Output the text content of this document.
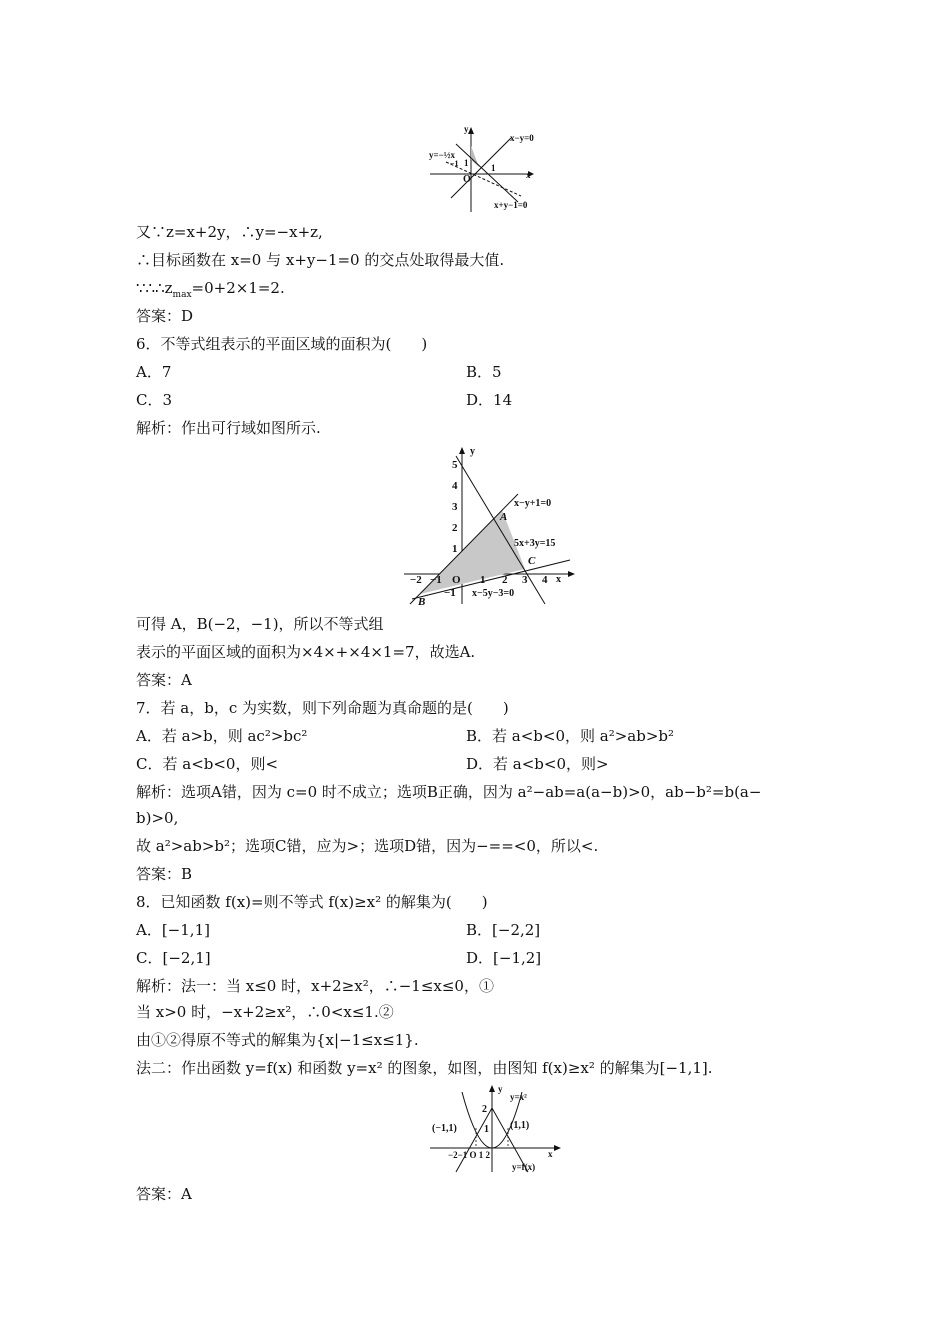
y
x
O
x−y=0
y=−½x
x+y−1=0
1	1
−1
又∵z=x+2y，∴y=−x+z,
∴目标函数在 x=0 与 x+y−1=0 的交点处取得最大值.
$\because\therefore\therefore z_{max}=0+2\times 1=2$.
答案：D
6．不等式组表示的平面区域的面积为(　　)
A．7	B．5
C．3	D．14
解析：作出可行域如图所示.
y
x
5
4
3
2
1
−2 −1 O 1 2 3 4
−1
A
B
C
x−y+1=0
5x+3y=15
x−5y−3=0
可得 A，B(−2，−1)，所以不等式组
表示的平面区域的面积为×4×+×4×1=7，故选A.
答案：A
7．若 a，b，c 为实数，则下列命题为真命题的是(　　)
A．若 a>b，则 ac²>bc²	B．若 a<b<0，则 a²>ab>b²
C．若 a<b<0，则<	D．若 a<b<0，则>
解析：选项A错，因为 c=0 时不成立；选项B正确，因为 a²−ab=a(a−b)>0，ab−b²=b(a−
b)>0,
故 a²>ab>b²；选项C错，应为>；选项D错，因为−==<0，所以<.
答案：B
8．已知函数 f(x)=则不等式 f(x)≥x² 的解集为(　　)
A．[−1,1]	B．[−2,2]
C．[−2,1]	D．[−1,2]
解析：法一：当 x≤0 时，x+2≥x²，∴−1≤x≤0，①
当 x>0 时，−x+2≥x²，∴0<x≤1.②
由①②得原不等式的解集为{x|−1≤x≤1}.
法二：作出函数 y=f(x) 和函数 y=x² 的图象，如图，由图知 f(x)≥x² 的解集为[−1,1].
y
x
y=x²
y=f(x)
(−1,1)	(1,1)
2
1
−2−1 O 1 2
答案：A
